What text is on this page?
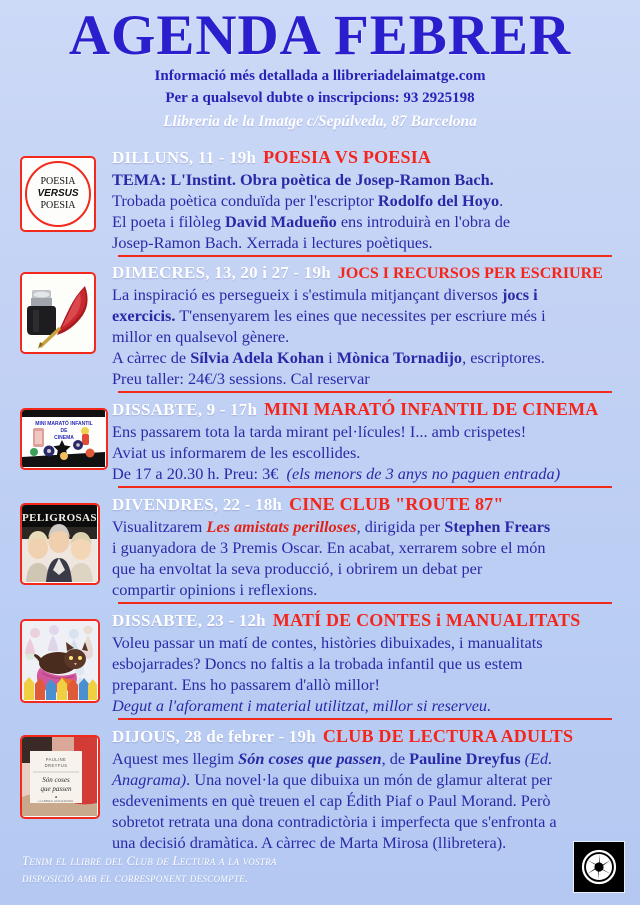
AGENDA FEBRER

Informació més detallada a llibreriadelaimatge.com

Per a qualsevol dubte o inscripcions: 93 2925198

Llibreria de la Imatge c/Sepúlveda, 87 Barcelona

POESIA
VERSUS
POESIA
DILLUNS, 11 - 19h POESIA VS POESIA

TEMA: L'Instint. Obra poètica de Josep-Ramon Bach.

Trobada poètica conduïda per l'escriptor Rodolfo del Hoyo.

El poeta i filòleg David Madueño ens introduirà en l'obra de

Josep-Ramon Bach. Xerrada i lectures poètiques.

DIMECRES, 13, 20 i 27 - 19h JOCS I RECURSOS PER ESCRIURE

La inspiració es persegueix i s'estimula mitjançant diversos jocs i

exercicis. T'ensenyarem les eines que necessites per escriure més i

millor en qualsevol gènere.

A càrrec de Sílvia Adela Kohan i Mònica Tornadijo, escriptores.

Preu taller: 24€/3 sessions. Cal reservar

MINI MARATÓ INFANTIL
DE
CINEMA
DISSABTE, 9 - 17h MINI MARATÓ INFANTIL DE CINEMA

Ens passarem tota la tarda mirant pel·lícules! I... amb crispetes!

Aviat us informarem de les escollides.

De 17 a 20.30 h. Preu: 3€  (els menors de 3 anys no paguen entrada)

PELIGROSAS
DIVENDRES, 22 - 18h CINE CLUB "ROUTE 87"

Visualitzarem Les amistats perilloses, dirigida per Stephen Frears

i guanyadora de 3 Premis Oscar. En acabat, xerrarem sobre el món

que ha envoltat la seva producció, i obrirem un debat per

compartir opinions i reflexions.

DISSABTE, 23 - 12h MATÍ DE CONTES i MANUALITATS

Voleu passar un matí de contes, històries dibuixades, i manualitats

esbojarrades? Doncs no faltis a la trobada infantil que us estem

preparant. Ens ho passarem d'allò millor!

Degut a l'aforament i material utilitzat, millor si reserveu.

PAULINE
DREYFUS
Són coses
que passen
a
LLIBRES ANAGRAMA
DIJOUS, 28 de febrer - 19h CLUB DE LECTURA ADULTS

Aquest mes llegim Són coses que passen, de Pauline Dreyfus (Ed.

Anagrama). Una novel·la que dibuixa un món de glamur alterat per

esdeveniments en què treuen el cap Édith Piaf o Paul Morand. Però

sobretot retrata una dona contradictòria i imperfecta que s'enfronta a

una decisió dramàtica. A càrrec de Marta Mirosa (llibretera).

Tenim el llibre del Club de Lectura a la vostra

disposició amb el corresponent descompte.
